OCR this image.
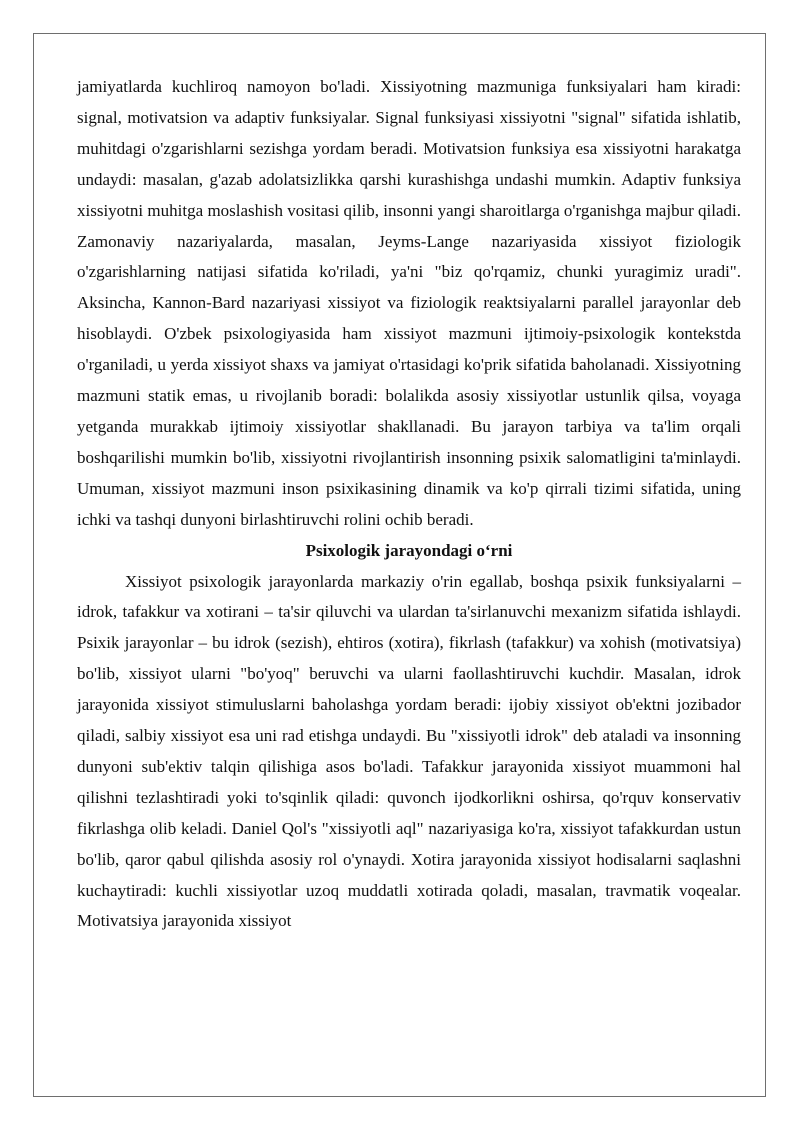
jamiyatlarda kuchliroq namoyon bo'ladi. Xissiyotning mazmuniga funksiyalari ham kiradi: signal, motivatsion va adaptiv funksiyalar. Signal funksiyasi xissiyotni "signal" sifatida ishlatib, muhitdagi o'zgarishlarni sezishga yordam beradi. Motivatsion funksiya esa xissiyotni harakatga undaydi: masalan, g'azab adolatsizlikka qarshi kurashishga undashi mumkin. Adaptiv funksiya xissiyotni muhitga moslashish vositasi qilib, insonni yangi sharoitlarga o'rganishga majbur qiladi. Zamonaviy nazariyalarda, masalan, Jeyms-Lange nazariyasida xissiyot fiziologik o'zgarishlarning natijasi sifatida ko'riladi, ya'ni "biz qo'rqamiz, chunki yuragimiz uradi". Aksincha, Kannon-Bard nazariyasi xissiyot va fiziologik reaktsiyalarni parallel jarayonlar deb hisoblaydi. O'zbek psixologiyasida ham xissiyot mazmuni ijtimoiy-psixologik kontekstda o'rganiladi, u yerda xissiyot shaxs va jamiyat o'rtasidagi ko'prik sifatida baholanadi. Xissiyotning mazmuni statik emas, u rivojlanib boradi: bolalikda asosiy xissiyotlar ustunlik qilsa, voyaga yetganda murakkab ijtimoiy xissiyotlar shakllanadi. Bu jarayon tarbiya va ta'lim orqali boshqarilishi mumkin bo'lib, xissiyotni rivojlantirish insonning psixik salomatligini ta'minlaydi. Umuman, xissiyot mazmuni inson psixikasining dinamik va ko'p qirrali tizimi sifatida, uning ichki va tashqi dunyoni birlashtiruvchi rolini ochib beradi.

Psixologik jarayondagi o‘rni

Xissiyot psixologik jarayonlarda markaziy o'rin egallab, boshqa psixik funksiyalarni – idrok, tafakkur va xotirani – ta'sir qiluvchi va ulardan ta'sirlanuvchi mexanizm sifatida ishlaydi. Psixik jarayonlar – bu idrok (sezish), ehtiros (xotira), fikrlash (tafakkur) va xohish (motivatsiya) bo'lib, xissiyot ularni "bo'yoq" beruvchi va ularni faollashtiruvchi kuchdir. Masalan, idrok jarayonida xissiyot stimuluslarni baholashga yordam beradi: ijobiy xissiyot ob'ektni jozibador qiladi, salbiy xissiyot esa uni rad etishga undaydi. Bu "xissiyotli idrok" deb ataladi va insonning dunyoni sub'ektiv talqin qilishiga asos bo'ladi. Tafakkur jarayonida xissiyot muammoni hal qilishni tezlashtiradi yoki to'sqinlik qiladi: quvonch ijodkorlikni oshirsa, qo'rquv konservativ fikrlashga olib keladi. Daniel Qol's "xissiyotli aql" nazariyasiga ko'ra, xissiyot tafakkurdan ustun bo'lib, qaror qabul qilishda asosiy rol o'ynaydi. Xotira jarayonida xissiyot hodisalarni saqlashni kuchaytiradi: kuchli xissiyotlar uzoq muddatli xotirada qoladi, masalan, travmatik voqealar. Motivatsiya jarayonida xissiyot
